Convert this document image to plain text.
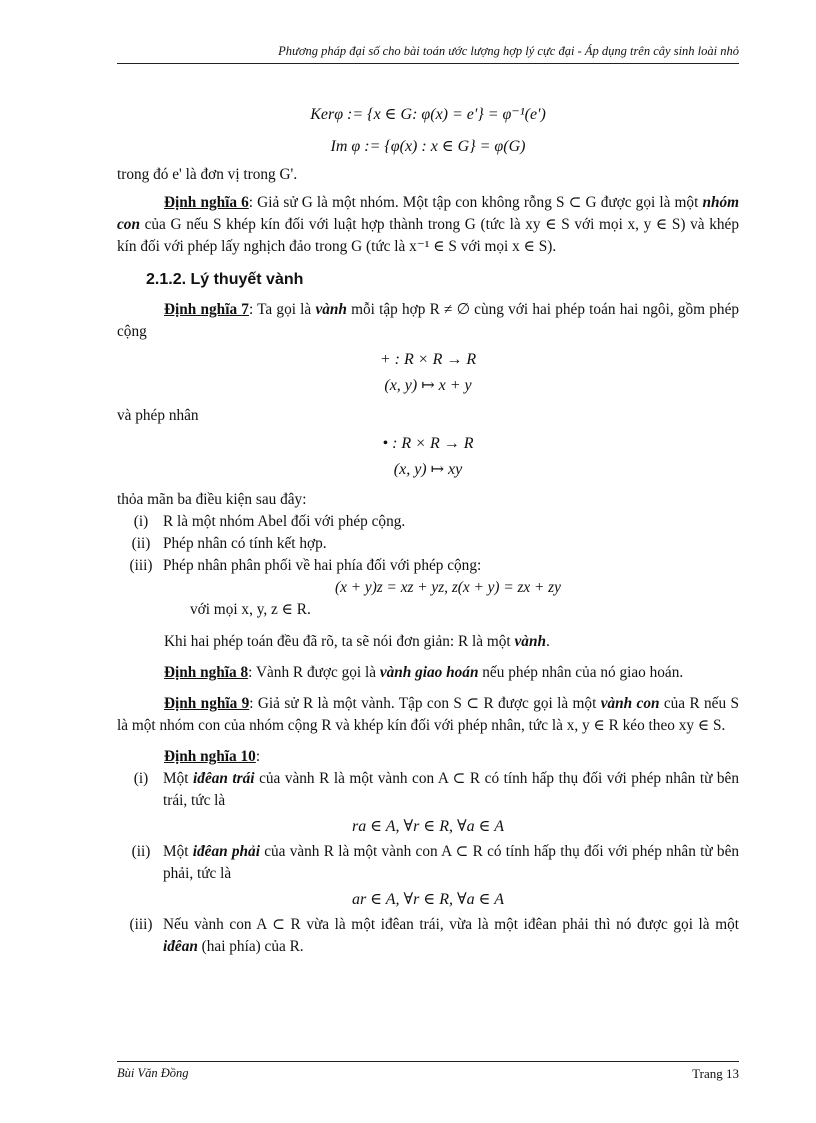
Phương pháp đại số cho bài toán ước lượng hợp lý cực đại - Áp dụng trên cây sinh loài nhỏ
Kerφ := {x ∈ G: φ(x) = e'} = φ⁻¹(e')
Im φ := {φ(x) : x ∈ G} = φ(G)

trong đó e' là đơn vị trong G'.

Định nghĩa 6: Giả sử G là một nhóm. Một tập con không rỗng S ⊂ G được gọi là một nhóm con của G nếu S khép kín đối với luật hợp thành trong G (tức là xy ∈ S với mọi x, y ∈ S) và khép kín đối với phép lấy nghịch đảo trong G (tức là x⁻¹ ∈ S với mọi x ∈ S).

2.1.2. Lý thuyết vành

Định nghĩa 7: Ta gọi là vành mỗi tập hợp R ≠ ∅ cùng với hai phép toán hai ngôi, gồm phép cộng

+ : R × R → R
(x, y) ↦ x + y

và phép nhân

• : R × R → R
(x, y) ↦ xy

thỏa mãn ba điều kiện sau đây:

(i) R là một nhóm Abel đối với phép cộng.
(ii) Phép nhân có tính kết hợp.
(iii) Phép nhân phân phối về hai phía đối với phép cộng:
(x + y)z = xz + yz, z(x + y) = zx + zy
với mọi x, y, z ∈ R.

Khi hai phép toán đều đã rõ, ta sẽ nói đơn giản: R là một vành.

Định nghĩa 8: Vành R được gọi là vành giao hoán nếu phép nhân của nó giao hoán.

Định nghĩa 9: Giả sử R là một vành. Tập con S ⊂ R được gọi là một vành con của R nếu S là một nhóm con của nhóm cộng R và khép kín đối với phép nhân, tức là x, y ∈ R kéo theo xy ∈ S.

Định nghĩa 10:

(i) Một iđêan trái của vành R là một vành con A ⊂ R có tính hấp thụ đối với phép nhân từ bên trái, tức là
ra ∈ A, ∀r ∈ R, ∀a ∈ A
(ii) Một iđêan phải của vành R là một vành con A ⊂ R có tính hấp thụ đối với phép nhân từ bên phải, tức là
ar ∈ A, ∀r ∈ R, ∀a ∈ A
(iii) Nếu vành con A ⊂ R vừa là một iđêan trái, vừa là một iđêan phải thì nó được gọi là một iđêan (hai phía) của R.
Bùi Văn Đồng	Trang 13
